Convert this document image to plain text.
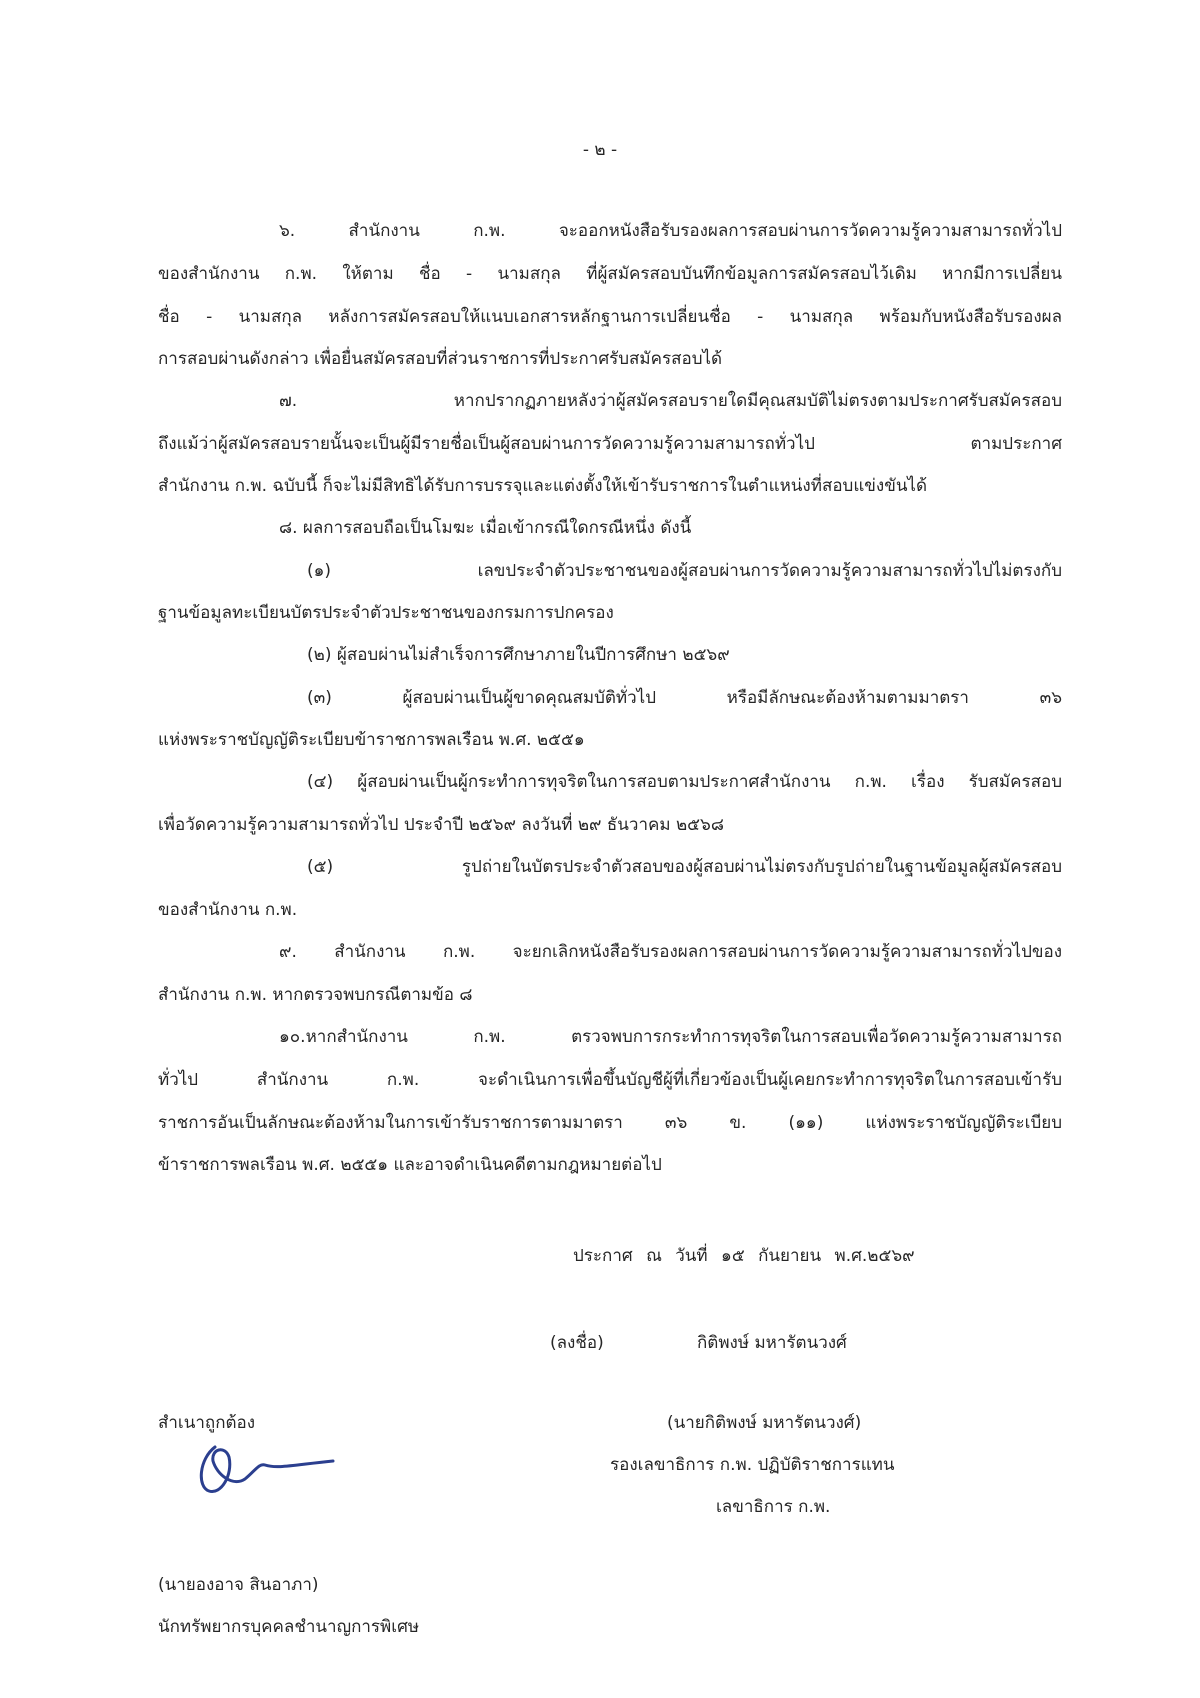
- ๒ -
๖. สำนักงาน ก.พ. จะออกหนังสือรับรองผลการสอบผ่านการวัดความรู้ความสามารถทั่วไป
ของสำนักงาน ก.พ. ให้ตาม ชื่อ - นามสกุล ที่ผู้สมัครสอบบันทึกข้อมูลการสมัครสอบไว้เดิม หากมีการเปลี่ยน
ชื่อ - นามสกุล หลังการสมัครสอบให้แนบเอกสารหลักฐานการเปลี่ยนชื่อ - นามสกุล พร้อมกับหนังสือรับรองผล
การสอบผ่านดังกล่าว เพื่อยื่นสมัครสอบที่ส่วนราชการที่ประกาศรับสมัครสอบได้
๗. หากปรากฏภายหลังว่าผู้สมัครสอบรายใดมีคุณสมบัติไม่ตรงตามประกาศรับสมัครสอบ
ถึงแม้ว่าผู้สมัครสอบรายนั้นจะเป็นผู้มีรายชื่อเป็นผู้สอบผ่านการวัดความรู้ความสามารถทั่วไป ตามประกาศ
สำนักงาน ก.พ. ฉบับนี้ ก็จะไม่มีสิทธิได้รับการบรรจุและแต่งตั้งให้เข้ารับราชการในตำแหน่งที่สอบแข่งขันได้
๘. ผลการสอบถือเป็นโมฆะ เมื่อเข้ากรณีใดกรณีหนึ่ง ดังนี้
(๑) เลขประจำตัวประชาชนของผู้สอบผ่านการวัดความรู้ความสามารถทั่วไปไม่ตรงกับ
ฐานข้อมูลทะเบียนบัตรประจำตัวประชาชนของกรมการปกครอง
(๒) ผู้สอบผ่านไม่สำเร็จการศึกษาภายในปีการศึกษา ๒๕๖๙
(๓) ผู้สอบผ่านเป็นผู้ขาดคุณสมบัติทั่วไป หรือมีลักษณะต้องห้ามตามมาตรา ๓๖
แห่งพระราชบัญญัติระเบียบข้าราชการพลเรือน พ.ศ. ๒๕๕๑
(๔) ผู้สอบผ่านเป็นผู้กระทำการทุจริตในการสอบตามประกาศสำนักงาน ก.พ. เรื่อง รับสมัครสอบ
เพื่อวัดความรู้ความสามารถทั่วไป ประจำปี ๒๕๖๙ ลงวันที่ ๒๙ ธันวาคม ๒๕๖๘
(๕) รูปถ่ายในบัตรประจำตัวสอบของผู้สอบผ่านไม่ตรงกับรูปถ่ายในฐานข้อมูลผู้สมัครสอบ
ของสำนักงาน ก.พ.
๙. สำนักงาน ก.พ. จะยกเลิกหนังสือรับรองผลการสอบผ่านการวัดความรู้ความสามารถทั่วไปของ
สำนักงาน ก.พ. หากตรวจพบกรณีตามข้อ ๘
๑๐.หากสำนักงาน ก.พ. ตรวจพบการกระทำการทุจริตในการสอบเพื่อวัดความรู้ความสามารถ
ทั่วไป สำนักงาน ก.พ. จะดำเนินการเพื่อขึ้นบัญชีผู้ที่เกี่ยวข้องเป็นผู้เคยกระทำการทุจริตในการสอบเข้ารับ
ราชการอันเป็นลักษณะต้องห้ามในการเข้ารับราชการตามมาตรา ๓๖ ข. (๑๑) แห่งพระราชบัญญัติระเบียบ
ข้าราชการพลเรือน พ.ศ. ๒๕๕๑ และอาจดำเนินคดีตามกฎหมายต่อไป
ประกาศ ณ วันที่ ๑๕ กันยายน พ.ศ.๒๕๖๙
(ลงชื่อ)	กิติพงษ์ มหารัตนวงศ์
สำเนาถูกต้อง	(นายกิติพงษ์ มหารัตนวงศ์)
รองเลขาธิการ ก.พ. ปฏิบัติราชการแทน
เลขาธิการ ก.พ.
(นายองอาจ สินอาภา)
นักทรัพยากรบุคคลชำนาญการพิเศษ
